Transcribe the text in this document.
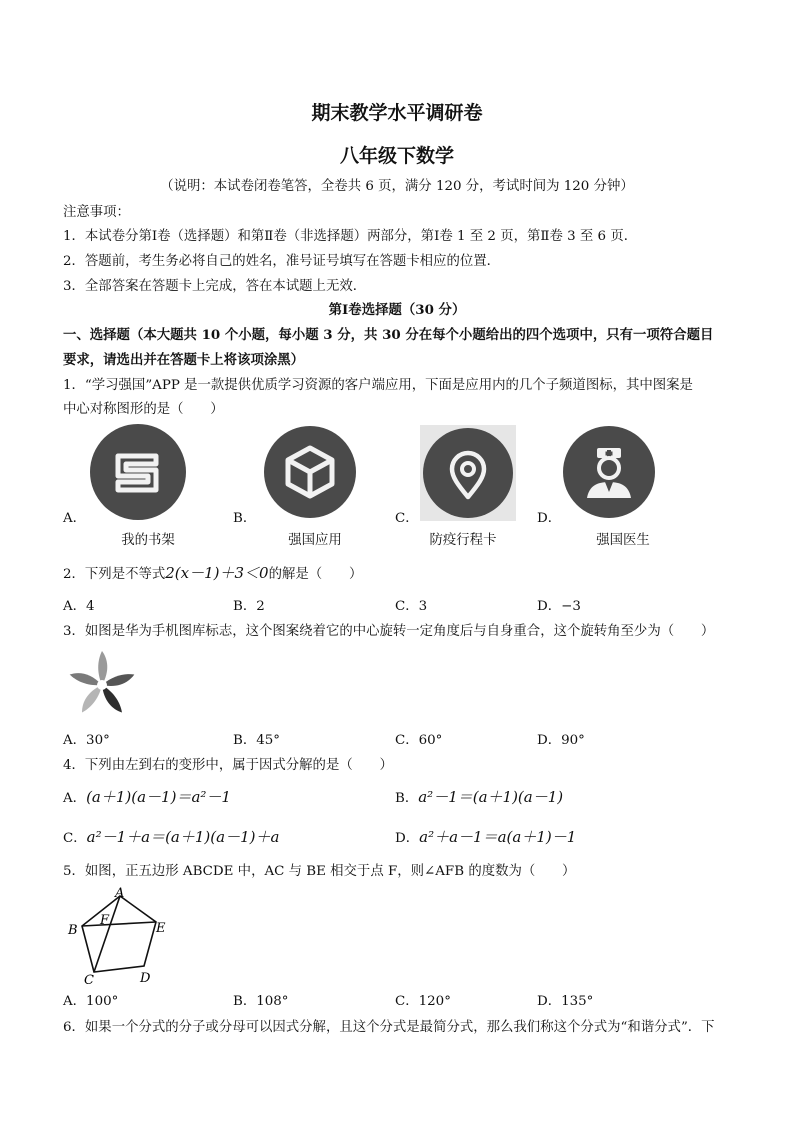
期末教学水平调研卷
八年级下数学
（说明：本试卷闭卷笔答，全卷共 6 页，满分 120 分，考试时间为 120 分钟）
注意事项：
1．本试卷分第Ⅰ卷（选择题）和第Ⅱ卷（非选择题）两部分，第Ⅰ卷 1 至 2 页，第Ⅱ卷 3 至 6 页．
2．答题前，考生务必将自己的姓名，准号证号填写在答题卡相应的位置．
3．全部答案在答题卡上完成，答在本试题上无效．
第Ⅰ卷选择题（30 分）
一、选择题（本大题共 10 个小题，每小题 3 分，共 30 分在每个小题给出的四个选项中，只有一项符合题目
要求，请选出并在答题卡上将该项涂黑）
1．“学习强国”APP 是一款提供优质学习资源的客户端应用，下面是应用内的几个子频道图标，其中图案是
中心对称图形的是（　　）
A．	B．	C．	D．
我的书架	强国应用	防疫行程卡	强国医生
2．下列是不等式2(x－1)＋3＜0的解是（　　）
A．4	B．2	C．3	D．−3
3．如图是华为手机图库标志，这个图案绕着它的中心旋转一定角度后与自身重合，这个旋转角至少为（　　）
A．30°	B．45°	C．60°	D．90°
4．下列由左到右的变形中，属于因式分解的是（　　）
A．(a＋1)(a－1)＝a²－1	B．a²－1＝(a＋1)(a－1)
C．a²－1＋a＝(a＋1)(a－1)＋a	D．a²＋a－1＝a(a＋1)－1
5．如图，正五边形 ABCDE 中，AC 与 BE 相交于点 F，则∠AFB 的度数为（　　）
A
B
C	D
E
F
A．100°	B．108°	C．120°	D．135°
6．如果一个分式的分子或分母可以因式分解，且这个分式是最简分式，那么我们称这个分式为“和谐分式”．下
